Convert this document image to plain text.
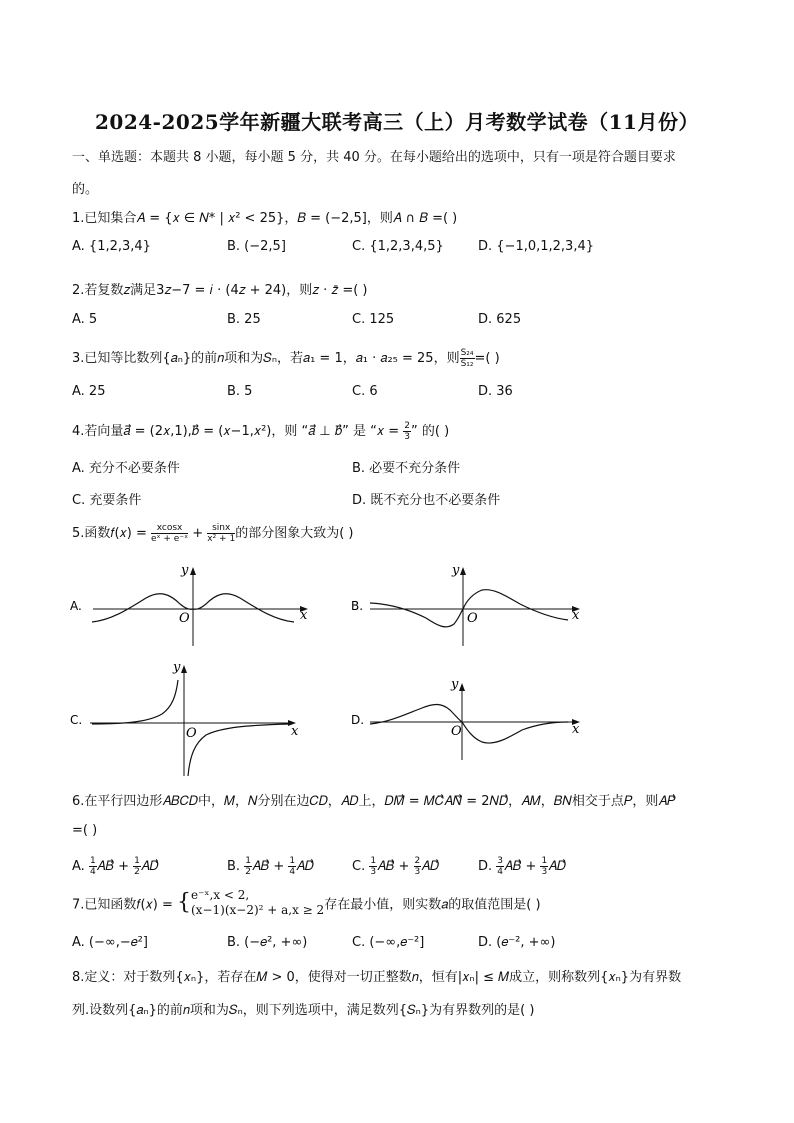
2024-2025学年新疆大联考高三（上）月考数学试卷（11月份）
一、单选题：本题共 8 小题，每小题 5 分，共 40 分。在每小题给出的选项中，只有一项是符合题目要求
的。
1.已知集合𝐴 = {𝑥 ∈ 𝑁* | 𝑥² < 25}，𝐵 = (−2,5]，则𝐴 ∩ 𝐵 =( )
A. {1,2,3,4}	B. (−2,5]	C. {1,2,3,4,5}	D. {−1,0,1,2,3,4}
2.若复数𝑧满足3𝑧−7 = 𝑖 · (4𝑧 + 24)，则𝑧 · 𝑧̄ =( )
A. 5	B. 25	C. 125	D. 625
3.已知等比数列{𝑎ₙ}的前𝑛项和为𝑆ₙ，若𝑎₁ = 1，𝑎₁ · 𝑎₂₅ = 25，则 $\frac{\text{S₂₄}}{\text{S₁₂}}$ =( )
A. 25	B. 5	C. 6	D. 36
4.若向量𝑎⃗ = (2𝑥,1),𝑏⃗ = (𝑥−1,𝑥²)，则 “𝑎⃗ ⊥ 𝑏⃗” 是 “𝑥 = $\frac{2}{3}$ ” 的( )
A. 充分不必要条件	B. 必要不充分条件
C. 充要条件	D. 既不充分也不必要条件
5.函数𝑓(𝑥) = $\frac{xcosx}{\text{eˣ + e⁻ˣ}} + \frac{\sin x}{\text{x² + 1}}$ 的部分图象大致为( )
A.
x
y
O
B.
x
y
O
C.
x
y
O
D.
x
y
O
6.在平行四边形𝐴𝐵𝐶𝐷中，𝑀，𝑁分别在边𝐶𝐷，𝐴𝐷上，𝐷𝑀⃗ = 𝑀𝐶⃗𝐴𝑁⃗ = 2𝑁𝐷⃗，𝐴𝑀，𝐵𝑁相交于点𝑃，则𝐴𝑃⃗
=( )
A. $\frac{1}{4}$ 𝐴𝐵⃗ + $\frac{1}{2}$ 𝐴𝐷⃗	B. $\frac{1}{2}$ 𝐴𝐵⃗ + $\frac{1}{4}$ 𝐴𝐷⃗	C. $\frac{1}{3}$ 𝐴𝐵⃗ + $\frac{2}{3}$ 𝐴𝐷⃗	D. $\frac{3}{4}$ 𝐴𝐵⃗ + $\frac{1}{3}$ 𝐴𝐷⃗
7.已知函数𝑓(𝑥) = { e⁻ˣ,x < 2,
(x−1)(x−2)² + a,x ≥ 2 存在最小值，则实数𝑎的取值范围是( )
A. (−∞,−𝑒²]	B. (−𝑒², +∞)	C. (−∞,𝑒⁻²]	D. (𝑒⁻², +∞)
8.定义：对于数列{𝑥ₙ}，若存在𝑀 > 0，使得对一切正整数𝑛，恒有|𝑥ₙ| ≤ 𝑀成立，则称数列{𝑥ₙ}为有界数
列.设数列{𝑎ₙ}的前𝑛项和为𝑆ₙ，则下列选项中，满足数列{𝑆ₙ}为有界数列的是( )
